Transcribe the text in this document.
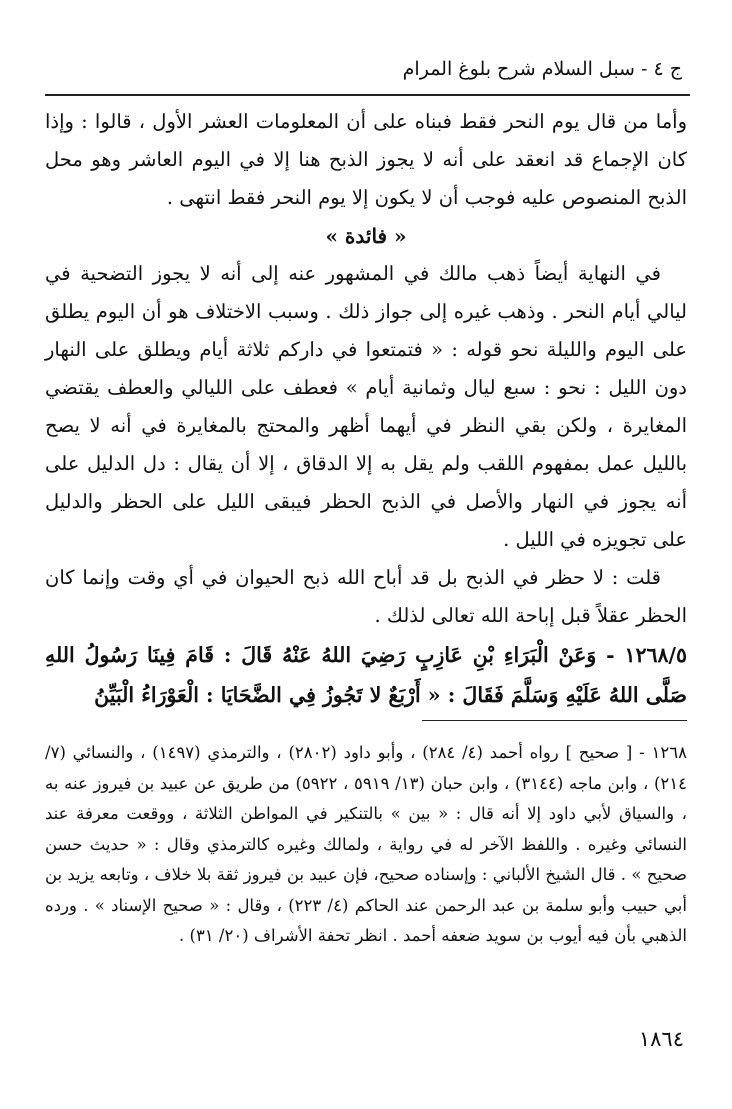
ج ٤ - سبل السلام شرح بلوغ المرام

وأما من قال يوم النحر فقط فبناه على أن المعلومات العشر الأول ، قالوا : وإذا كان الإجماع قد انعقد على أنه لا يجوز الذبح هنا إلا في اليوم العاشر وهو محل الذبح المنصوص عليه فوجب أن لا يكون إلا يوم النحر فقط انتهى .

« فائدة »

في النهاية أيضاً ذهب مالك في المشهور عنه إلى أنه لا يجوز التضحية في ليالي أيام النحر . وذهب غيره إلى جواز ذلك . وسبب الاختلاف هو أن اليوم يطلق على اليوم والليلة نحو قوله : « فتمتعوا في داركم ثلاثة أيام ويطلق على النهار دون الليل : نحو : سبع ليال وثمانية أيام » فعطف على الليالي والعطف يقتضي المغايرة ، ولكن بقي النظر في أيهما أظهر والمحتج بالمغايرة في أنه لا يصح بالليل عمل بمفهوم اللقب ولم يقل به إلا الدقاق ، إلا أن يقال : دل الدليل على أنه يجوز في النهار والأصل في الذبح الحظر فيبقى الليل على الحظر والدليل على تجويزه في الليل .

قلت : لا حظر في الذبح بل قد أباح الله ذبح الحيوان في أي وقت وإنما كان الحظر عقلاً قبل إباحة الله تعالى لذلك .

١٢٦٨/٥ - وَعَنْ الْبَرَاءِ بْنِ عَازِبٍ رَضِيَ اللهُ عَنْهُ قَالَ : قَامَ فِينَا رَسُولُ اللهِ صَلَّى اللهُ عَلَيْهِ وَسَلَّمَ فَقَالَ : « أَرْبَعٌ لا تَجُوزُ فِي الضَّحَايَا : الْعَوْرَاءُ الْبَيِّنُ

١٢٦٨ - [ صحيح ] رواه أحمد (٤/ ٢٨٤) ، وأبو داود (٢٨٠٢) ، والترمذي (١٤٩٧) ، والنسائي (٧/ ٢١٤) ، وابن ماجه (٣١٤٤) ، وابن حبان (١٣/ ٥٩١٩ ، ٥٩٢٢) من طريق عن عبيد بن فيروز عنه به ، والسياق لأبي داود إلا أنه قال : « بين » بالتنكير في المواطن الثلاثة ، ووقعت معرفة عند النسائي وغيره . واللفظ الآخر له في رواية ، ولمالك وغيره كالترمذي وقال : « حديث حسن صحيح » . قال الشيخ الألباني : وإسناده صحيح، فإن عبيد بن فيروز ثقة بلا خلاف ، وتابعه يزيد بن أبي حبيب وأبو سلمة بن عبد الرحمن عند الحاكم (٤/ ٢٢٣) ، وقال : « صحيح الإسناد » . ورده الذهبي بأن فيه أيوب بن سويد ضعفه أحمد . انظر تحفة الأشراف (٢٠/ ٣١) .

١٨٦٤
